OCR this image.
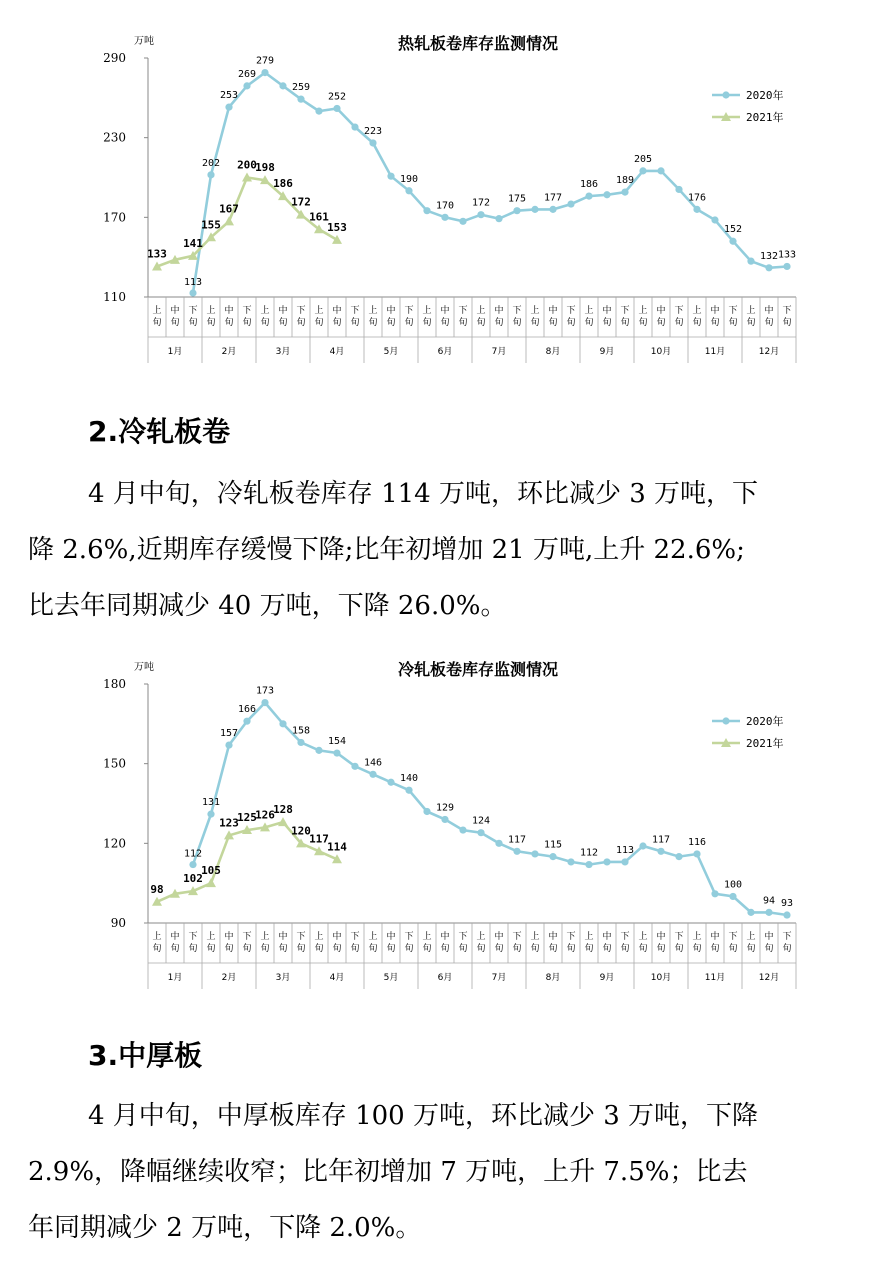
热轧板卷库存监测情况
万吨
110
170
230
290
上
旬
中
旬
下
旬
上
旬
中
旬
下
旬
上
旬
中
旬
下
旬
上
旬
中
旬
下
旬
上
旬
中
旬
下
旬
上
旬
中
旬
下
旬
上
旬
中
旬
下
旬
上
旬
中
旬
下
旬
上
旬
中
旬
下
旬
上
旬
中
旬
下
旬
上
旬
中
旬
下
旬
上
旬
中
旬
下
旬
1月	2月	3月	4月	5月	6月	7月	8月	9月	10月	11月	12月
113
202
253
269
279
259
252
223
190
170 172 175 177
186 189
205
176
152
132 133
133
141
155
167
200
198
186
172
161
153
2020年
2021年
2.冷轧板卷

4 月中旬，冷轧板卷库存 114 万吨，环比减少 3 万吨，下

降 2.6%,近期库存缓慢下降;比年初增加 21 万吨,上升 22.6%;

比去年同期减少 40 万吨，下降 26.0%。

冷轧板卷库存监测情况
万吨
90
120
150
180
上
旬
中
旬
下
旬
上
旬
中
旬
下
旬
上
旬
中
旬
下
旬
上
旬
中
旬
下
旬
上
旬
中
旬
下
旬
上
旬
中
旬
下
旬
上
旬
中
旬
下
旬
上
旬
中
旬
下
旬
上
旬
中
旬
下
旬
上
旬
中
旬
下
旬
上
旬
中
旬
下
旬
上
旬
中
旬
下
旬
1月	2月	3月	4月	5月	6月	7月	8月	9月	10月	11月	12月
112
131
157
166
173
158
154
146
140
129
124
117 115
112 113
117 116
100
94 93
98
102
105
123
125
126
128
120
117
114
2020年
2021年
3.中厚板

4 月中旬，中厚板库存 100 万吨，环比减少 3 万吨，下降

2.9%，降幅继续收窄；比年初增加 7 万吨，上升 7.5%；比去

年同期减少 2 万吨，下降 2.0%。
